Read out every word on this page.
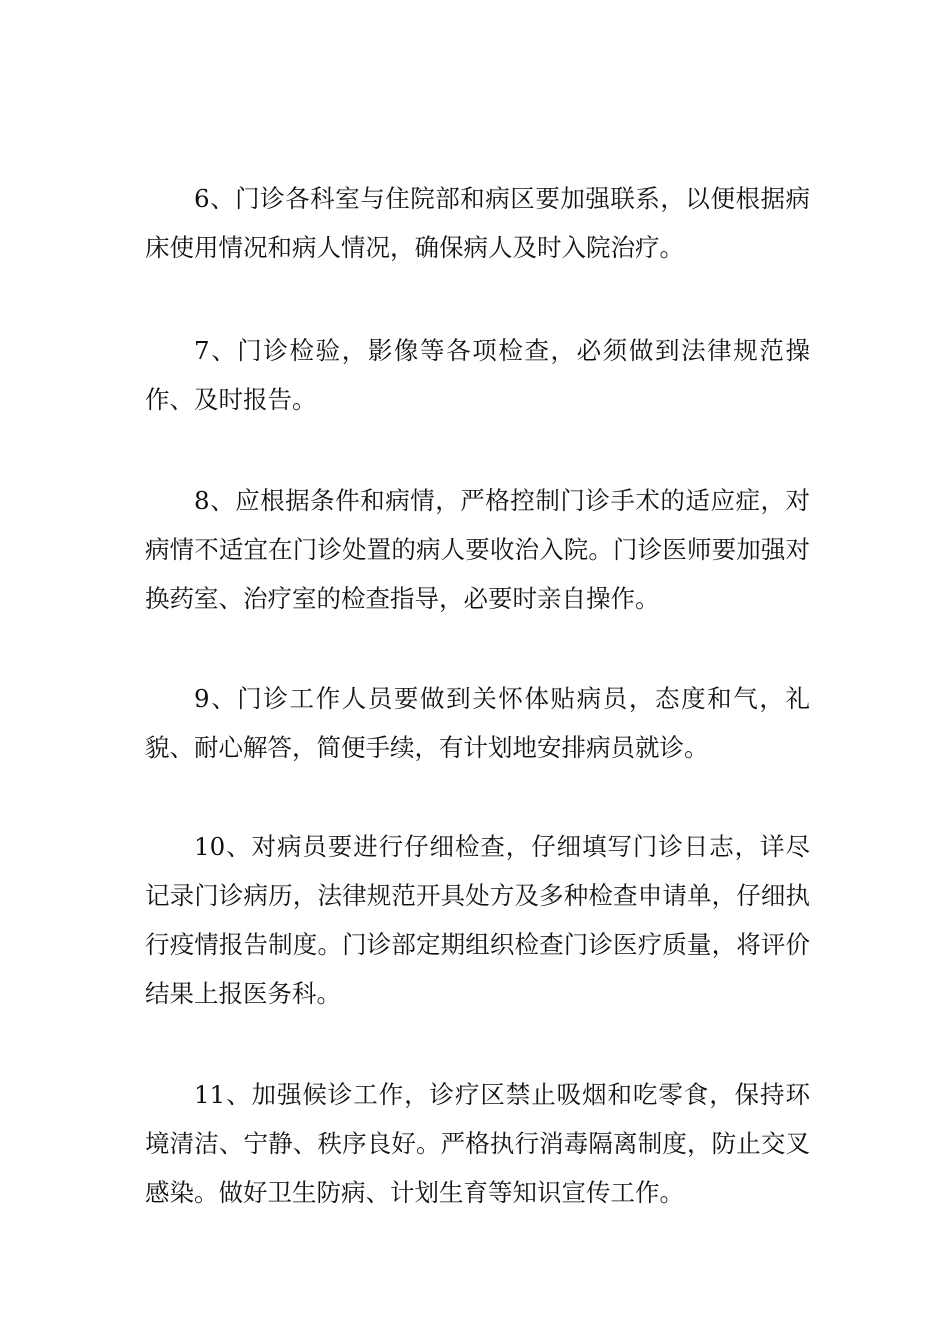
6、门诊各科室与住院部和病区要加强联系，以便根据病床使用情况和病人情况，确保病人及时入院治疗。

7、门诊检验，影像等各项检查，必须做到法律规范操作、及时报告。

8、应根据条件和病情，严格控制门诊手术的适应症，对病情不适宜在门诊处置的病人要收治入院。门诊医师要加强对换药室、治疗室的检查指导，必要时亲自操作。

9、门诊工作人员要做到关怀体贴病员，态度和气，礼貌、耐心解答，简便手续，有计划地安排病员就诊。

10、对病员要进行仔细检查，仔细填写门诊日志，详尽记录门诊病历，法律规范开具处方及多种检查申请单，仔细执行疫情报告制度。门诊部定期组织检查门诊医疗质量，将评价结果上报医务科。

11、加强候诊工作，诊疗区禁止吸烟和吃零食，保持环境清洁、宁静、秩序良好。严格执行消毒隔离制度，防止交叉感染。做好卫生防病、计划生育等知识宣传工作。
